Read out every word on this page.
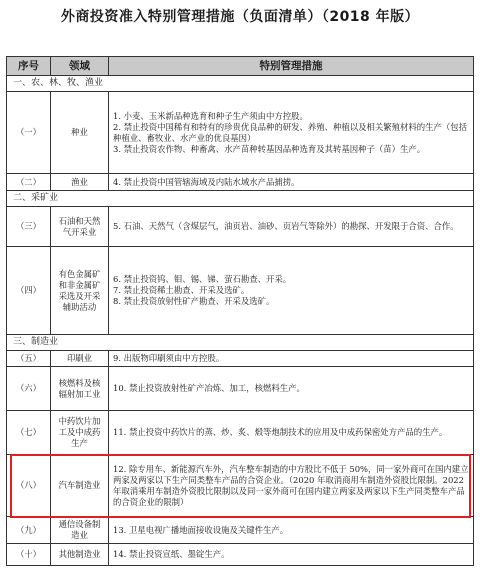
外商投资准入特别管理措施（负面清单）（2018 年版）
序号	领域	特别管理措施
一、农、林、牧、渔业		
（一）	种业	1. 小麦、玉米新品种选育和种子生产须由中方控股。
2. 禁止投资中国稀有和特有的珍贵优良品种的研发、养殖、种植以及相关繁殖材料的生产（包括种植业、畜牧业、水产业的优良基因）
3. 禁止投资农作物、种畜禽、水产苗种转基因品种选育及其转基因种子（苗）生产。

（二）	渔业	4. 禁止投资中国管辖海域及内陆水域水产品捕捞。

二、采矿业		
（三）	石油和天然气开采业	5. 石油、天然气（含煤层气，油页岩、油砂、页岩气等除外）的勘探、开发限于合资、合作。

（四）	有色金属矿和非金属矿采选及开采辅助活动	6. 禁止投资钨、钼、锡、锑、萤石勘查、开采。
7. 禁止投资稀土勘查、开采及选矿。
8. 禁止投资放射性矿产勘查、开采及选矿。

三、制造业		
（五）	印刷业	9. 出版物印刷须由中方控股。

（六）	核燃料及核辐射加工业	10. 禁止投资放射性矿产冶炼、加工，核燃料生产。

（七）	中药饮片加工及中成药生产	11. 禁止投资中药饮片的蒸、炒、炙、煅等炮制技术的应用及中成药保密处方产品的生产。

（八）	汽车制造业	12. 除专用车、新能源汽车外，汽车整车制造的中方股比不低于 50%，同一家外商可在国内建立两家及两家以下生产同类整车产品的合资企业。（2020 年取消商用车制造外资股比限制。2022 年取消乘用车制造外资股比限制以及同一家外商可在国内建立两家及两家以下生产同类整车产品的合资企业的限制）

（九）	通信设备制造业	13. 卫星电视广播地面接收设施及关键件生产。

（十）	其他制造业	14. 禁止投资宣纸、墨锭生产。
